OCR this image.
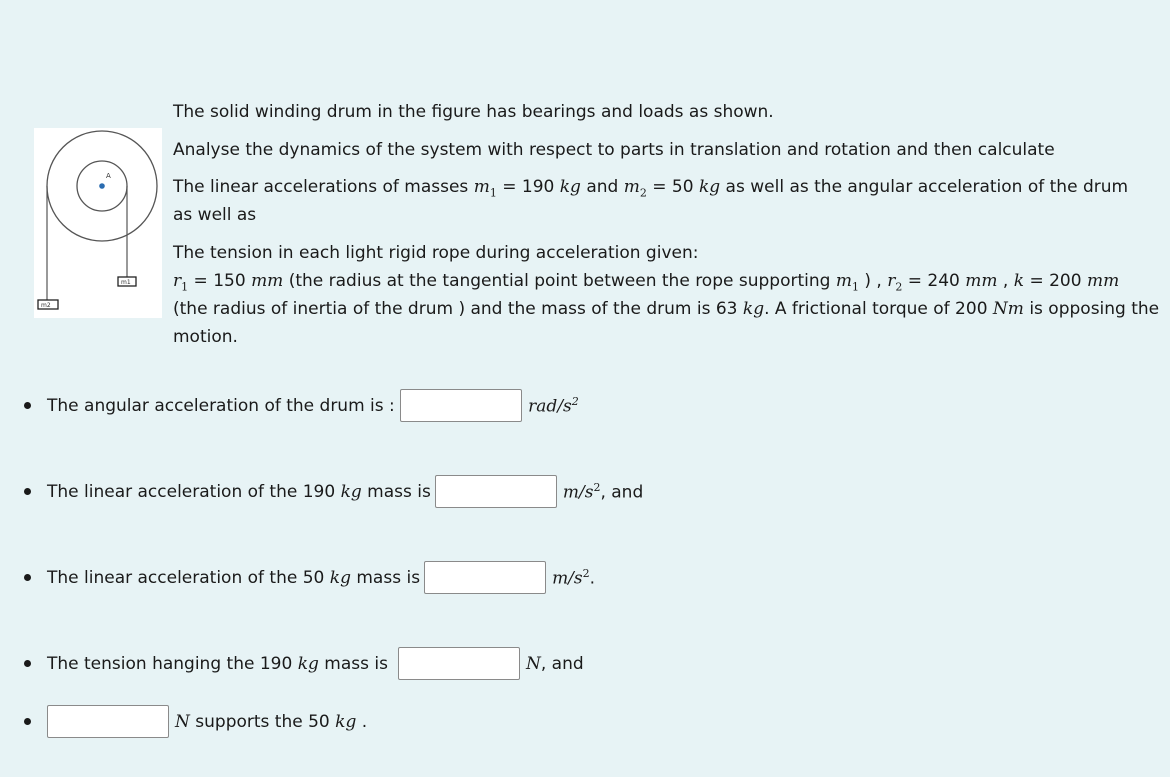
A
m1
m2

The solid winding drum in the figure has bearings and loads as shown.

Analyse the dynamics of the system with respect to parts in translation and rotation and then calculate

The linear accelerations of masses $m_1 = 190$ kg and $m_2 = 50$ kg as well as the angular acceleration of the drum

as well as

The tension in each light rigid rope during acceleration given:

$r_1 = 150$ mm (the radius at the tangential point between the rope supporting $m_1$ ) , $r_2 = 240$ mm , k = 200 mm

(the radius of inertia of the drum ) and the mass of the drum is 63 kg. A frictional torque of 200 Nm is opposing the

motion.

The angular acceleration of the drum is :
	rad/$s^2$
The linear acceleration of the 190 kg mass is	$m/s^2$, and
The linear acceleration of the 50 kg mass is	$m/s^2$.
The tension hanging the 190 kg mass is	N, and
N supports the 50 kg .
